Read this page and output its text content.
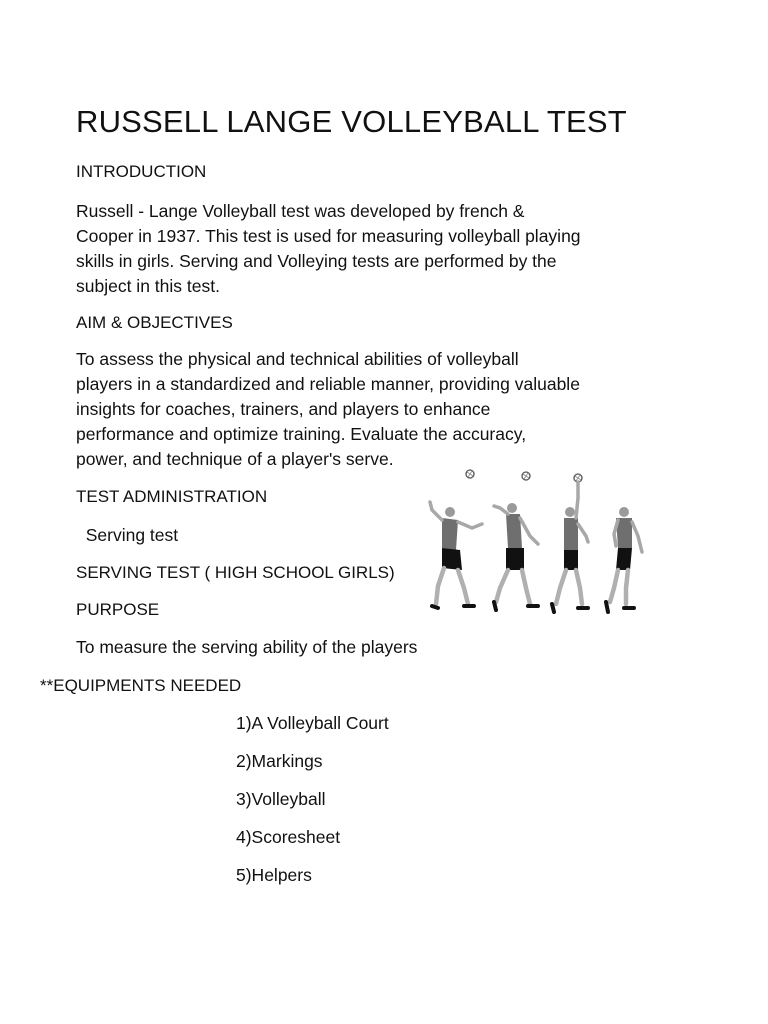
RUSSELL LANGE VOLLEYBALL TEST
INTRODUCTION
Russell - Lange Volleyball test was developed by french &
Cooper in 1937. This test is used for measuring volleyball playing
skills in girls. Serving and Volleying tests are performed by the
subject in this test.
AIM & OBJECTIVES
To assess the physical and technical abilities of volleyball
players in a standardized and reliable manner, providing valuable
insights for coaches, trainers, and players to enhance
performance and optimize training. Evaluate the accuracy,
power, and technique of a player's serve.
TEST ADMINISTRATION
Serving test
SERVING TEST ( HIGH SCHOOL GIRLS)
PURPOSE
To measure the serving ability of the players
**EQUIPMENTS NEEDED
1)A Volleyball Court
2)Markings
3)Volleyball
4)Scoresheet
5)Helpers
